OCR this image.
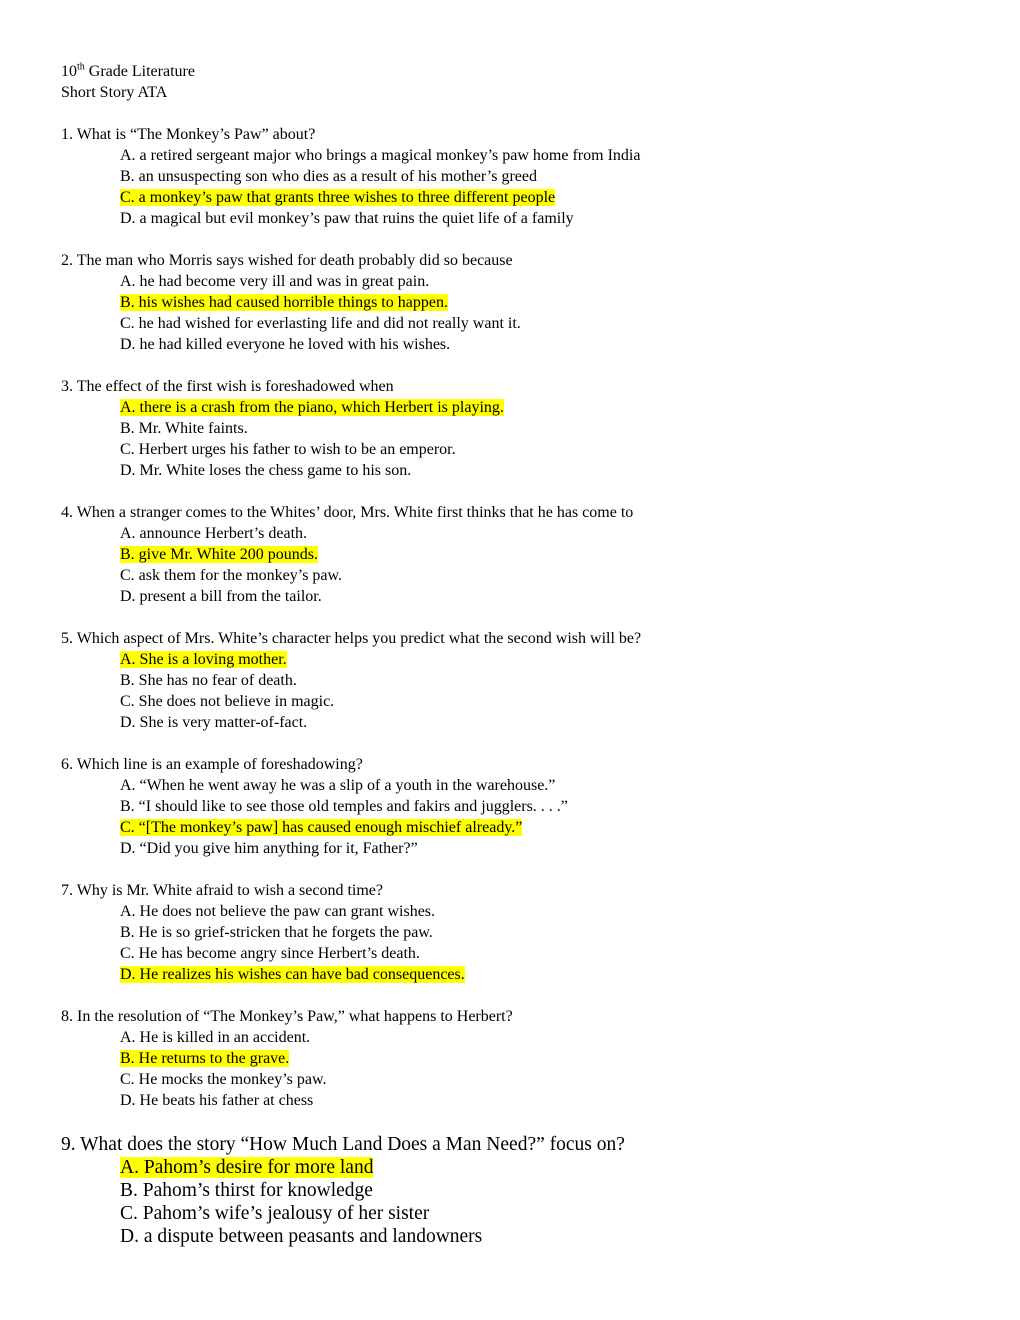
10th Grade Literature
Short Story ATA
1. What is “The Monkey’s Paw” about?
A. a retired sergeant major who brings a magical monkey’s paw home from India
B. an unsuspecting son who dies as a result of his mother’s greed
C. a monkey’s paw that grants three wishes to three different people
D. a magical but evil monkey’s paw that ruins the quiet life of a family
2. The man who Morris says wished for death probably did so because
A. he had become very ill and was in great pain.
B. his wishes had caused horrible things to happen.
C. he had wished for everlasting life and did not really want it.
D. he had killed everyone he loved with his wishes.
3. The effect of the first wish is foreshadowed when
A. there is a crash from the piano, which Herbert is playing.
B. Mr. White faints.
C. Herbert urges his father to wish to be an emperor.
D. Mr. White loses the chess game to his son.
4. When a stranger comes to the Whites’ door, Mrs. White first thinks that he has come to
A. announce Herbert’s death.
B. give Mr. White 200 pounds.
C. ask them for the monkey’s paw.
D. present a bill from the tailor.
5. Which aspect of Mrs. White’s character helps you predict what the second wish will be?
A. She is a loving mother.
B. She has no fear of death.
C. She does not believe in magic.
D. She is very matter-of-fact.
6. Which line is an example of foreshadowing?
A. “When he went away he was a slip of a youth in the warehouse.”
B. “I should like to see those old temples and fakirs and jugglers. . . .”
C. “[The monkey’s paw] has caused enough mischief already.”
D. “Did you give him anything for it, Father?”
7. Why is Mr. White afraid to wish a second time?
A. He does not believe the paw can grant wishes.
B. He is so grief-stricken that he forgets the paw.
C. He has become angry since Herbert’s death.
D. He realizes his wishes can have bad consequences.
8. In the resolution of “The Monkey’s Paw,” what happens to Herbert?
A. He is killed in an accident.
B. He returns to the grave.
C. He mocks the monkey’s paw.
D. He beats his father at chess
9. What does the story “How Much Land Does a Man Need?” focus on?
A. Pahom’s desire for more land
B. Pahom’s thirst for knowledge
C. Pahom’s wife’s jealousy of her sister
D. a dispute between peasants and landowners
